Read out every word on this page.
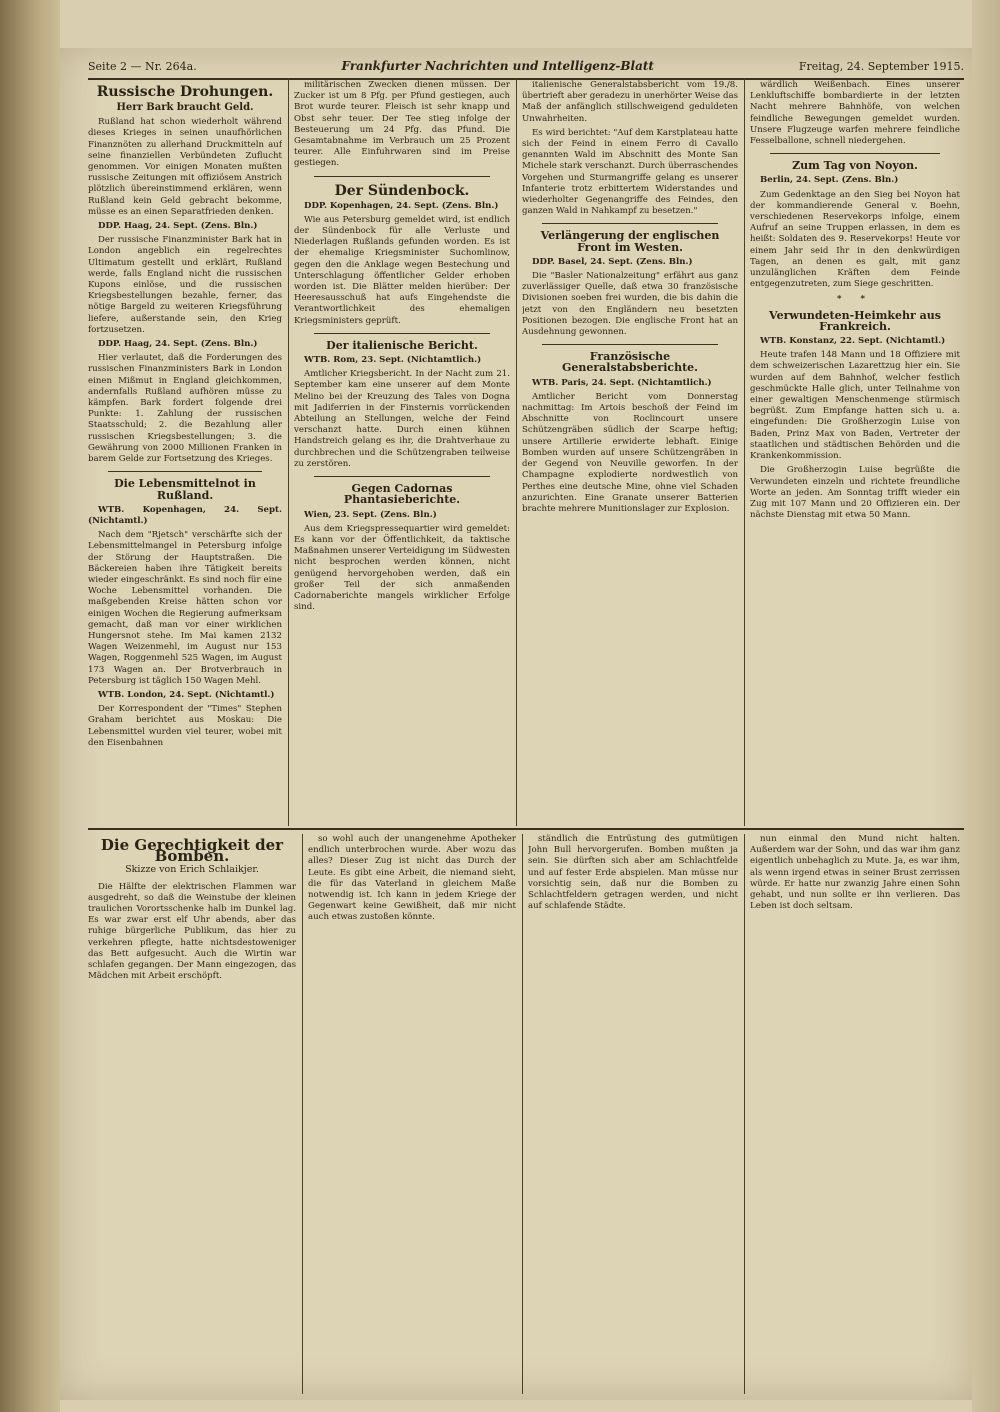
Seite 2 — Nr. 264a.	Frankfurter Nachrichten und Intelligenz-Blatt	Freitag, 24. September 1915.
Russische Drohungen.
Herr Bark braucht Geld.

Rußland hat schon wiederholt während dieses Krieges in seinen unaufhörlichen Finanznöten zu allerhand Druckmitteln auf seine finanziellen Verbündeten Zuflucht genommen. Vor einigen Monaten mußten russische Zeitungen mit offiziösem Anstrich plötzlich übereinstimmend erklären, wenn Rußland kein Geld gebracht bekomme, müsse es an einen Separatfrieden denken.

DDP. Haag, 24. Sept. (Zens. Bln.)

Der russische Finanzminister Bark hat in London angeblich ein regelrechtes Ultimatum gestellt und erklärt, Rußland werde, falls England nicht die russischen Kupons einlöse, und die russischen Kriegsbestellungen bezahle, ferner, das nötige Bargeld zu weiteren Kriegsführung liefere, außerstande sein, den Krieg fortzusetzen.

DDP. Haag, 24. Sept. (Zens. Bln.)

Hier verlautet, daß die Forderungen des russischen Finanzministers Bark in London einen Mißmut in England gleichkommen, andernfalls Rußland aufhören müsse zu kämpfen. Bark fordert folgende drei Punkte: 1. Zahlung der russischen Staatsschuld; 2. die Bezahlung aller russischen Kriegsbestellungen; 3. die Gewährung von 2000 Millionen Franken in barem Gelde zur Fortsetzung des Krieges.

Die Lebensmittelnot in Rußland.

WTB. Kopenhagen, 24. Sept. (Nichtamtl.)

Nach dem "Rjetsch" verschärfte sich der Lebensmittelmangel in Petersburg infolge der Störung der Hauptstraßen. Die Bäckereien haben ihre Tätigkeit bereits wieder eingeschränkt. Es sind noch für eine Woche Lebensmittel vorhanden. Die maßgebenden Kreise hätten schon vor einigen Wochen die Regierung aufmerksam gemacht, daß man vor einer wirklichen Hungersnot stehe. Im Mai kamen 2132 Wagen Weizenmehl, im August nur 153 Wagen, Roggenmehl 525 Wagen, im August 173 Wagen an. Der Brotverbrauch in Petersburg ist täglich 150 Wagen Mehl.

WTB. London, 24. Sept. (Nichtamtl.)

Der Korrespondent der "Times" Stephen Graham berichtet aus Moskau: Die Lebensmittel wurden viel teurer, wobei mit den Eisenbahnen

militärischen Zwecken dienen müssen. Der Zucker ist um 8 Pfg. per Pfund gestiegen, auch Brot wurde teurer. Fleisch ist sehr knapp und Obst sehr teuer. Der Tee stieg infolge der Besteuerung um 24 Pfg. das Pfund. Die Gesamtabnahme im Verbrauch um 25 Prozent teurer. Alle Einfuhrwaren sind im Preise gestiegen.

Der Sündenbock.

DDP. Kopenhagen, 24. Sept. (Zens. Bln.)

Wie aus Petersburg gemeldet wird, ist endlich der Sündenbock für alle Verluste und Niederlagen Rußlands gefunden worden. Es ist der ehemalige Kriegsminister Suchomlinow, gegen den die Anklage wegen Bestechung und Unterschlagung öffentlicher Gelder erhoben worden ist. Die Blätter melden hierüber: Der Heeresausschuß hat aufs Eingehendste die Verantwortlichkeit des ehemaligen Kriegsministers geprüft.

Der italienische Bericht.

WTB. Rom, 23. Sept. (Nichtamtlich.)

Amtlicher Kriegsbericht. In der Nacht zum 21. September kam eine unserer auf dem Monte Melino bei der Kreuzung des Tales von Dogna mit Jadiferrien in der Finsternis vorrückenden Abteilung an Stellungen, welche der Feind verschanzt hatte. Durch einen kühnen Handstreich gelang es ihr, die Drahtverhaue zu durchbrechen und die Schützengraben teilweise zu zerstören.

Gegen Cadornas Phantasieberichte.

Wien, 23. Sept. (Zens. Bln.)

Aus dem Kriegspressequartier wird gemeldet: Es kann vor der Öffentlichkeit, da taktische Maßnahmen unserer Verteidigung im Südwesten nicht besprochen werden können, nicht genügend hervorgehoben werden, daß ein großer Teil der sich anmaßenden Cadornaberichte mangels wirklicher Erfolge sind.

italienische Generalstabsbericht vom 19./8. übertrieft aber geradezu in unerhörter Weise das Maß der anfänglich stillschweigend geduldeten Unwahrheiten.

Es wird berichtet: "Auf dem Karstplateau hatte sich der Feind in einem Ferro di Cavallo genannten Wald im Abschnitt des Monte San Michele stark verschanzt. Durch überraschendes Vorgehen und Sturmangriffe gelang es unserer Infanterie trotz erbittertem Widerstandes und wiederholter Gegenangriffe des Feindes, den ganzen Wald in Nahkampf zu besetzen."

Verlängerung der englischen Front im Westen.

DDP. Basel, 24. Sept. (Zens. Bln.)

Die "Basler Nationalzeitung" erfährt aus ganz zuverlässiger Quelle, daß etwa 30 französische Divisionen soeben frei wurden, die bis dahin die jetzt von den Engländern neu besetzten Positionen bezogen. Die englische Front hat an Ausdehnung gewonnen.

Französische Generalstabsberichte.

WTB. Paris, 24. Sept. (Nichtamtlich.)

Amtlicher Bericht vom Donnerstag nachmittag: Im Artois beschoß der Feind im Abschnitte von Roclincourt unsere Schützengräben südlich der Scarpe heftig; unsere Artillerie erwiderte lebhaft. Einige Bomben wurden auf unsere Schützengräben in der Gegend von Neuville geworfen. In der Champagne explodierte nordwestlich von Perthes eine deutsche Mine, ohne viel Schaden anzurichten. Eine Granate unserer Batterien brachte mehrere Munitionslager zur Explosion.

wärdlich Weißenbach. Eines unserer Lenkluftschiffe bombardierte in der letzten Nacht mehrere Bahnhöfe, von welchen feindliche Bewegungen gemeldet wurden. Unsere Flugzeuge warfen mehrere feindliche Fesselballone, schnell niedergehen.

Zum Tag von Noyon.

Berlin, 24. Sept. (Zens. Bln.)

Zum Gedenktage an den Sieg bei Noyon hat der kommandierende General v. Boehn, verschiedenen Reservekorps infolge, einem Aufruf an seine Truppen erlassen, in dem es heißt: Soldaten des 9. Reservekorps! Heute vor einem Jahr seid Ihr in den denkwürdigen Tagen, an denen es galt, mit ganz unzulänglichen Kräften dem Feinde entgegenzutreten, zum Siege geschritten.

* *
Verwundeten-Heimkehr aus Frankreich.

WTB. Konstanz, 22. Sept. (Nichtamtl.)

Heute trafen 148 Mann und 18 Offiziere mit dem schweizerischen Lazarettzug hier ein. Sie wurden auf dem Bahnhof, welcher festlich geschmückte Halle glich, unter Teilnahme von einer gewaltigen Menschenmenge stürmisch begrüßt. Zum Empfange hatten sich u. a. eingefunden: Die Großherzogin Luise von Baden, Prinz Max von Baden, Vertreter der staatlichen und städtischen Behörden und die Krankenkommission.

Die Großherzogin Luise begrüßte die Verwundeten einzeln und richtete freundliche Worte an jeden. Am Sonntag trifft wieder ein Zug mit 107 Mann und 20 Offizieren ein. Der nächste Dienstag mit etwa 50 Mann.

Die Gerechtigkeit der Bomben.
Skizze von Erich Schlaikjer.

Die Hälfte der elektrischen Flammen war ausgedreht, so daß die Weinstube der kleinen traulichen Vorortsschenke halb im Dunkel lag. Es war zwar erst elf Uhr abends, aber das ruhige bürgerliche Publikum, das hier zu verkehren pflegte, hatte nichtsdestoweniger das Bett aufgesucht. Auch die Wirtin war schlafen gegangen. Der Mann eingezogen, das Mädchen mit Arbeit erschöpft.

so wohl auch der unangenehme Apotheker endlich unterbrochen wurde. Aber wozu das alles? Dieser Zug ist nicht das Durch der Leute. Es gibt eine Arbeit, die niemand sieht, die für das Vaterland in gleichem Maße notwendig ist. Ich kann in jedem Kriege der Gegenwart keine Gewißheit, daß mir nicht auch etwas zustoßen könnte.

ständlich die Entrüstung des gutmütigen John Bull hervorgerufen. Bomben mußten ja sein. Sie dürften sich aber am Schlachtfelde und auf fester Erde abspielen. Man müsse nur vorsichtig sein, daß nur die Bomben zu Schlachtfeldern getragen werden, und nicht auf schlafende Städte.

nun einmal den Mund nicht halten. Außerdem war der Sohn, und das war ihm ganz eigentlich unbehaglich zu Mute. Ja, es war ihm, als wenn irgend etwas in seiner Brust zerrissen würde. Er hatte nur zwanzig Jahre einen Sohn gehabt, und nun sollte er ihn verlieren. Das Leben ist doch seltsam.
